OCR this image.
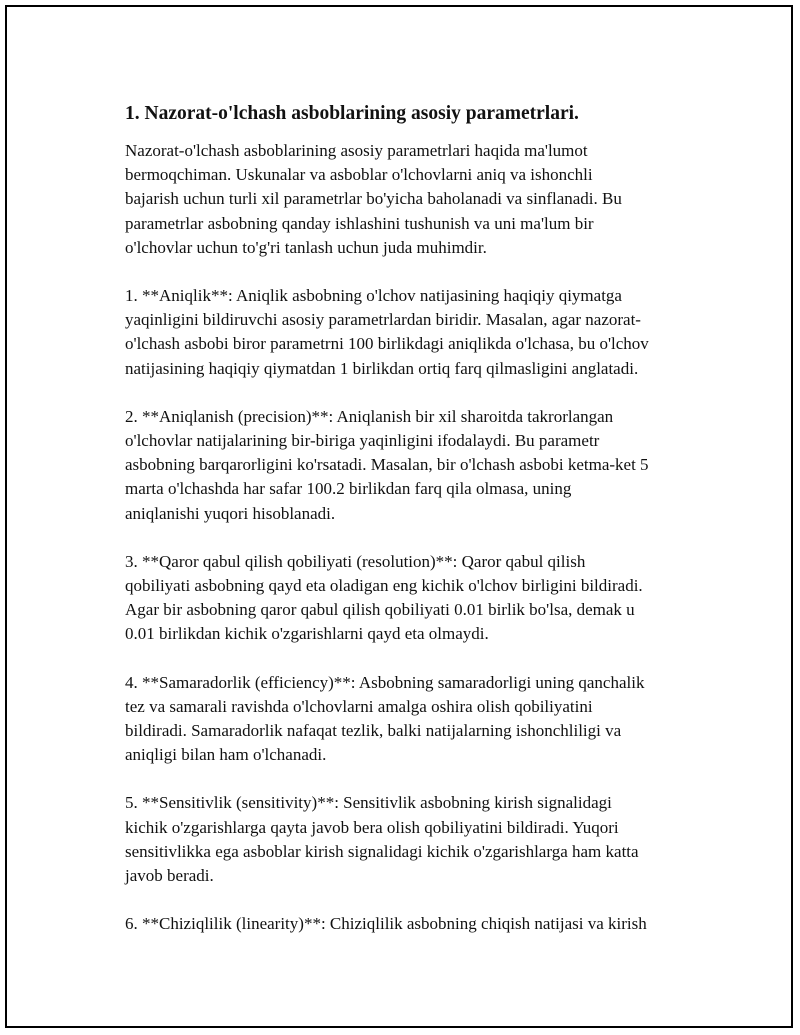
1. Nazorat-o'lchash asboblarining asosiy parametrlari.

Nazorat-o'lchash asboblarining asosiy parametrlari haqida ma'lumot
bermoqchiman. Uskunalar va asboblar o'lchovlarni aniq va ishonchli
bajarish uchun turli xil parametrlar bo'yicha baholanadi va sinflanadi. Bu
parametrlar asbobning qanday ishlashini tushunish va uni ma'lum bir
o'lchovlar uchun to'g'ri tanlash uchun juda muhimdir.

1. **Aniqlik**: Aniqlik asbobning o'lchov natijasining haqiqiy qiymatga
yaqinligini bildiruvchi asosiy parametrlardan biridir. Masalan, agar nazorat-
o'lchash asbobi biror parametrni 100 birlikdagi aniqlikda o'lchasa, bu o'lchov
natijasining haqiqiy qiymatdan 1 birlikdan ortiq farq qilmasligini anglatadi.

2. **Aniqlanish (precision)**: Aniqlanish bir xil sharoitda takrorlangan
o'lchovlar natijalarining bir-biriga yaqinligini ifodalaydi. Bu parametr
asbobning barqarorligini ko'rsatadi. Masalan, bir o'lchash asbobi ketma-ket 5
marta o'lchashda har safar 100.2 birlikdan farq qila olmasa, uning
aniqlanishi yuqori hisoblanadi.

3. **Qaror qabul qilish qobiliyati (resolution)**: Qaror qabul qilish
qobiliyati asbobning qayd eta oladigan eng kichik o'lchov birligini bildiradi.
Agar bir asbobning qaror qabul qilish qobiliyati 0.01 birlik bo'lsa, demak u
0.01 birlikdan kichik o'zgarishlarni qayd eta olmaydi.

4. **Samaradorlik (efficiency)**: Asbobning samaradorligi uning qanchalik
tez va samarali ravishda o'lchovlarni amalga oshira olish qobiliyatini
bildiradi. Samaradorlik nafaqat tezlik, balki natijalarning ishonchliligi va
aniqligi bilan ham o'lchanadi.

5. **Sensitivlik (sensitivity)**: Sensitivlik asbobning kirish signalidagi
kichik o'zgarishlarga qayta javob bera olish qobiliyatini bildiradi. Yuqori
sensitivlikka ega asboblar kirish signalidagi kichik o'zgarishlarga ham katta
javob beradi.

6. **Chiziqlilik (linearity)**: Chiziqlilik asbobning chiqish natijasi va kirish
